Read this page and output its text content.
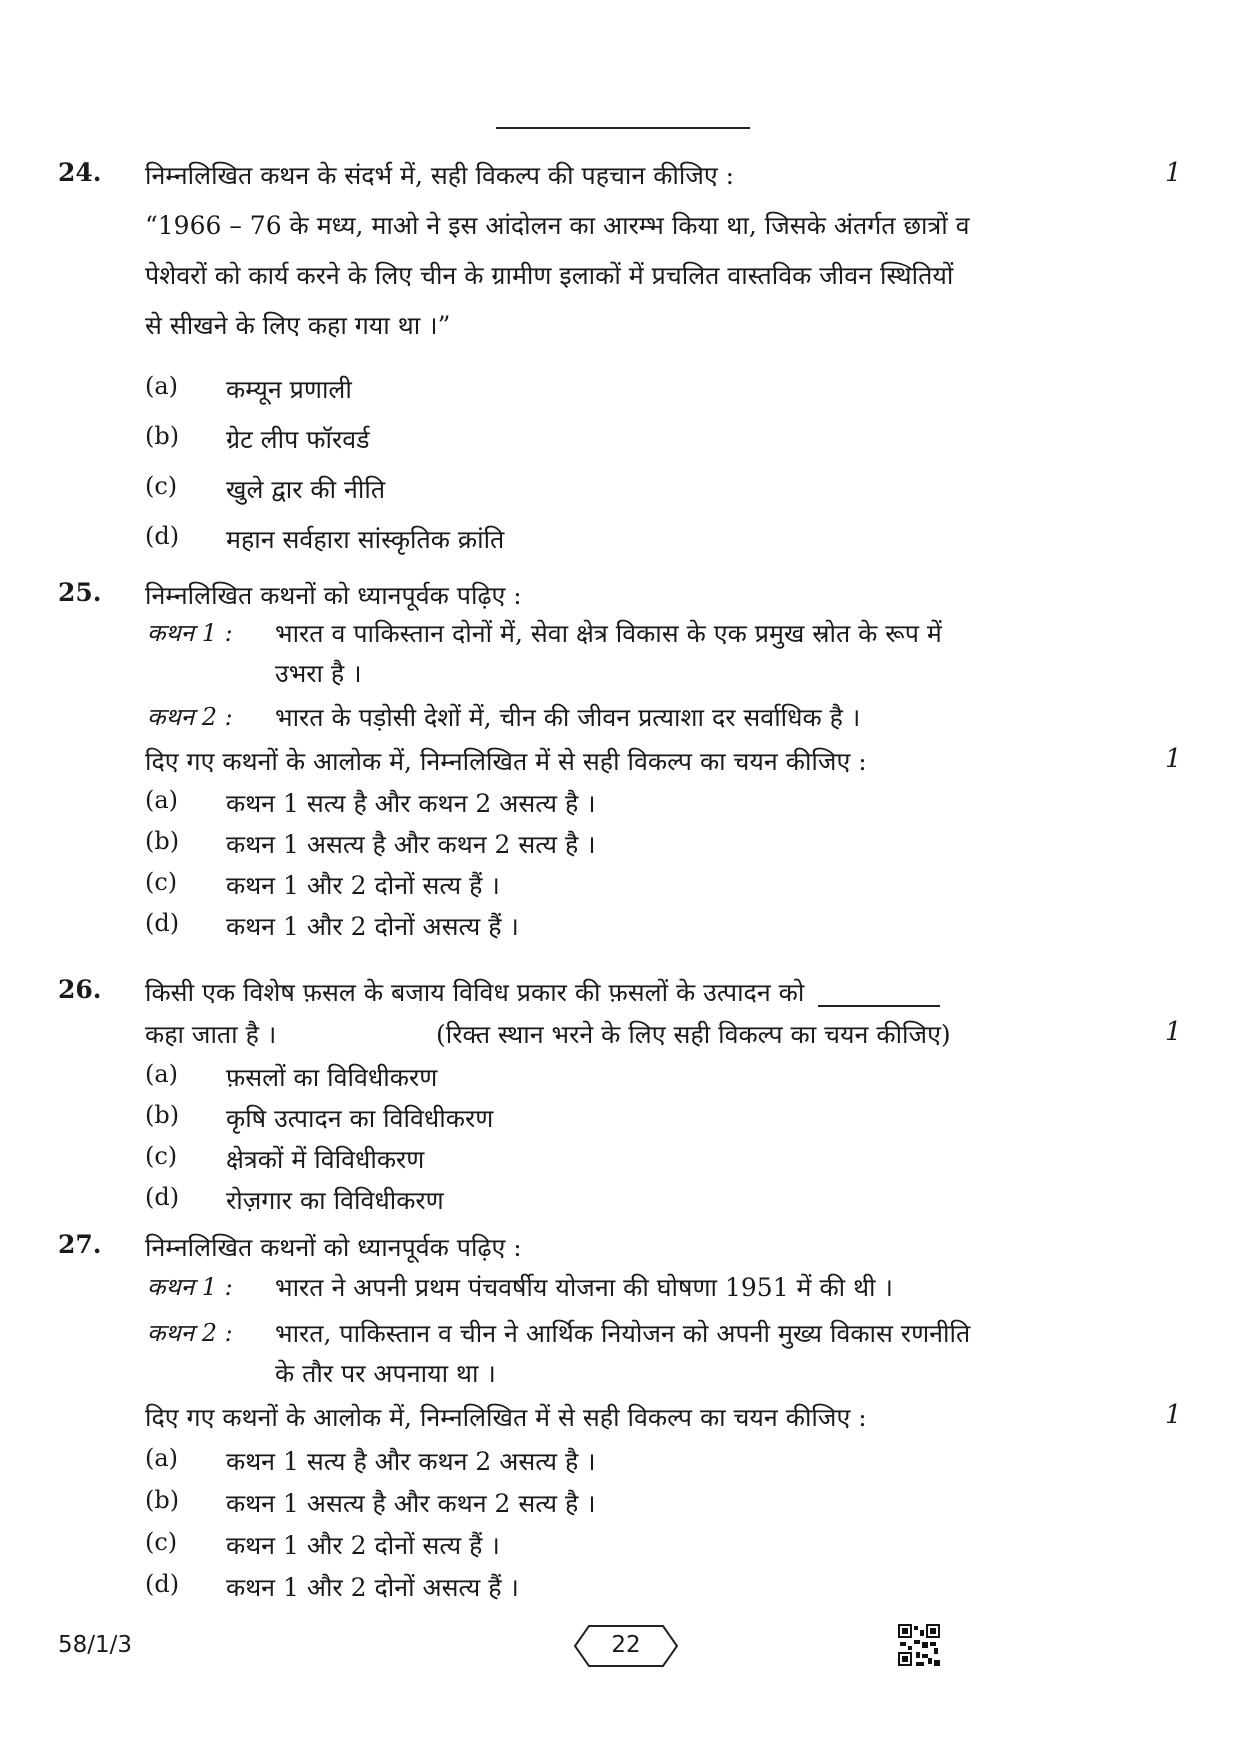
24.	1
निम्नलिखित कथन के संदर्भ में, सही विकल्प की पहचान कीजिए :
“1966 – 76 के मध्य, माओ ने इस आंदोलन का आरम्भ किया था, जिसके अंतर्गत छात्रों व
पेशेवरों को कार्य करने के लिए चीन के ग्रामीण इलाकों में प्रचलित वास्तविक जीवन स्थितियों
से सीखने के लिए कहा गया था ।”
(a) कम्यून प्रणाली
(b) ग्रेट लीप फॉरवर्ड
(c) खुले द्वार की नीति
(d) महान सर्वहारा सांस्कृतिक क्रांति
25. निम्नलिखित कथनों को ध्यानपूर्वक पढ़िए :
कथन 1 : भारत व पाकिस्तान दोनों में, सेवा क्षेत्र विकास के एक प्रमुख स्रोत के रूप में
उभरा है ।
कथन 2 : भारत के पड़ोसी देशों में, चीन की जीवन प्रत्याशा दर सर्वाधिक है ।
दिए गए कथनों के आलोक में, निम्नलिखित में से सही विकल्प का चयन कीजिए :	1
(a) कथन 1 सत्य है और कथन 2 असत्य है ।
(b) कथन 1 असत्य है और कथन 2 सत्य है ।
(c) कथन 1 और 2 दोनों सत्य हैं ।
(d) कथन 1 और 2 दोनों असत्य हैं ।
26. किसी एक विशेष फ़सल के बजाय विविध प्रकार की फ़सलों के उत्पादन को
कहा जाता है ।	(रिक्त स्थान भरने के लिए सही विकल्प का चयन कीजिए)	1
(a) फ़सलों का विविधीकरण
(b) कृषि उत्पादन का विविधीकरण
(c) क्षेत्रकों में विविधीकरण
(d) रोज़गार का विविधीकरण
27. निम्नलिखित कथनों को ध्यानपूर्वक पढ़िए :
कथन 1 : भारत ने अपनी प्रथम पंचवर्षीय योजना की घोषणा 1951 में की थी ।
कथन 2 : भारत, पाकिस्तान व चीन ने आर्थिक नियोजन को अपनी मुख्य विकास रणनीति
के तौर पर अपनाया था ।
दिए गए कथनों के आलोक में, निम्नलिखित में से सही विकल्प का चयन कीजिए :	1
(a) कथन 1 सत्य है और कथन 2 असत्य है ।
(b) कथन 1 असत्य है और कथन 2 सत्य है ।
(c) कथन 1 और 2 दोनों सत्य हैं ।
(d) कथन 1 और 2 दोनों असत्य हैं ।
58/1/3	22
